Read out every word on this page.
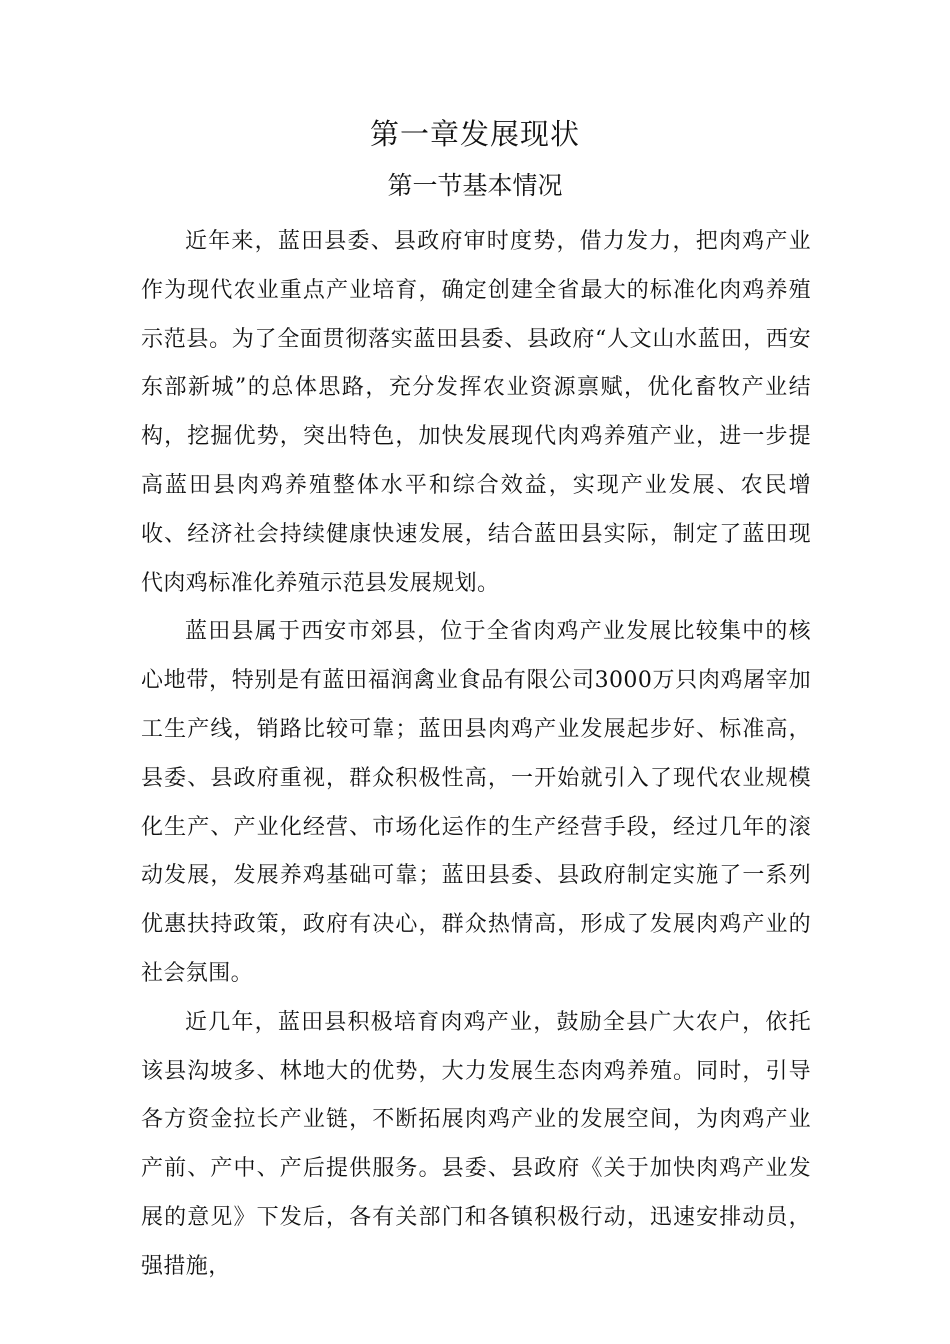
第一章发展现状
第一节基本情况

近年来，蓝田县委、县政府审时度势，借力发力，把肉鸡产业作为现代农业重点产业培育，确定创建全省最大的标准化肉鸡养殖示范县。为了全面贯彻落实蓝田县委、县政府“人文山水蓝田，西安东部新城”的总体思路，充分发挥农业资源禀赋，优化畜牧产业结构，挖掘优势，突出特色，加快发展现代肉鸡养殖产业，进一步提高蓝田县肉鸡养殖整体水平和综合效益，实现产业发展、农民增收、经济社会持续健康快速发展，结合蓝田县实际，制定了蓝田现代肉鸡标准化养殖示范县发展规划。

蓝田县属于西安市郊县，位于全省肉鸡产业发展比较集中的核心地带，特别是有蓝田福润禽业食品有限公司3000万只肉鸡屠宰加工生产线，销路比较可靠；蓝田县肉鸡产业发展起步好、标准高，县委、县政府重视，群众积极性高，一开始就引入了现代农业规模化生产、产业化经营、市场化运作的生产经营手段，经过几年的滚动发展，发展养鸡基础可靠；蓝田县委、县政府制定实施了一系列优惠扶持政策，政府有决心，群众热情高，形成了发展肉鸡产业的社会氛围。

近几年，蓝田县积极培育肉鸡产业，鼓励全县广大农户，依托该县沟坡多、林地大的优势，大力发展生态肉鸡养殖。同时，引导各方资金拉长产业链，不断拓展肉鸡产业的发展空间，为肉鸡产业产前、产中、产后提供服务。县委、县政府《关于加快肉鸡产业发展的意见》下发后，各有关部门和各镇积极行动，迅速安排动员，强措施，
